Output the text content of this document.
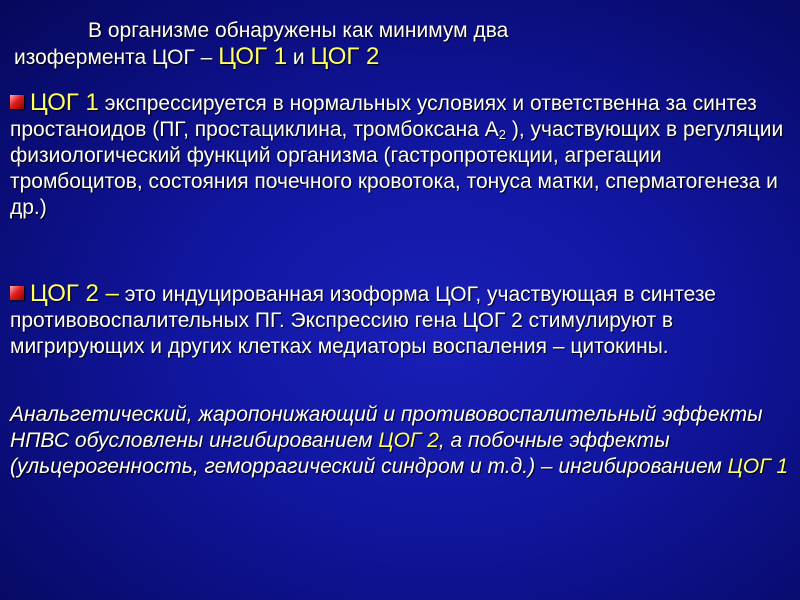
В организме обнаружены как минимум два
изофермента ЦОГ – ЦОГ 1 и ЦОГ 2
ЦОГ 1 экспрессируется в нормальных условиях и ответственна за синтез простаноидов (ПГ, простациклина, тромбоксана $А_2$ ), участвующих в регуляции физиологический функций организма (гастропротекции, агрегации тромбоцитов, состояния почечного кровотока, тонуса матки, сперматогенеза и др.)
ЦОГ 2 – это индуцированная изоформа ЦОГ, участвующая в синтезе противовоспалительных ПГ. Экспрессию гена ЦОГ 2 стимулируют в мигрирующих и других клетках медиаторы воспаления – цитокины.
Анальгетический, жаропонижающий и противовоспалительный эффекты НПВС обусловлены ингибированием ЦОГ 2, а побочные эффекты (ульцерогенность, геморрагический синдром и т.д.) – ингибированием ЦОГ 1
